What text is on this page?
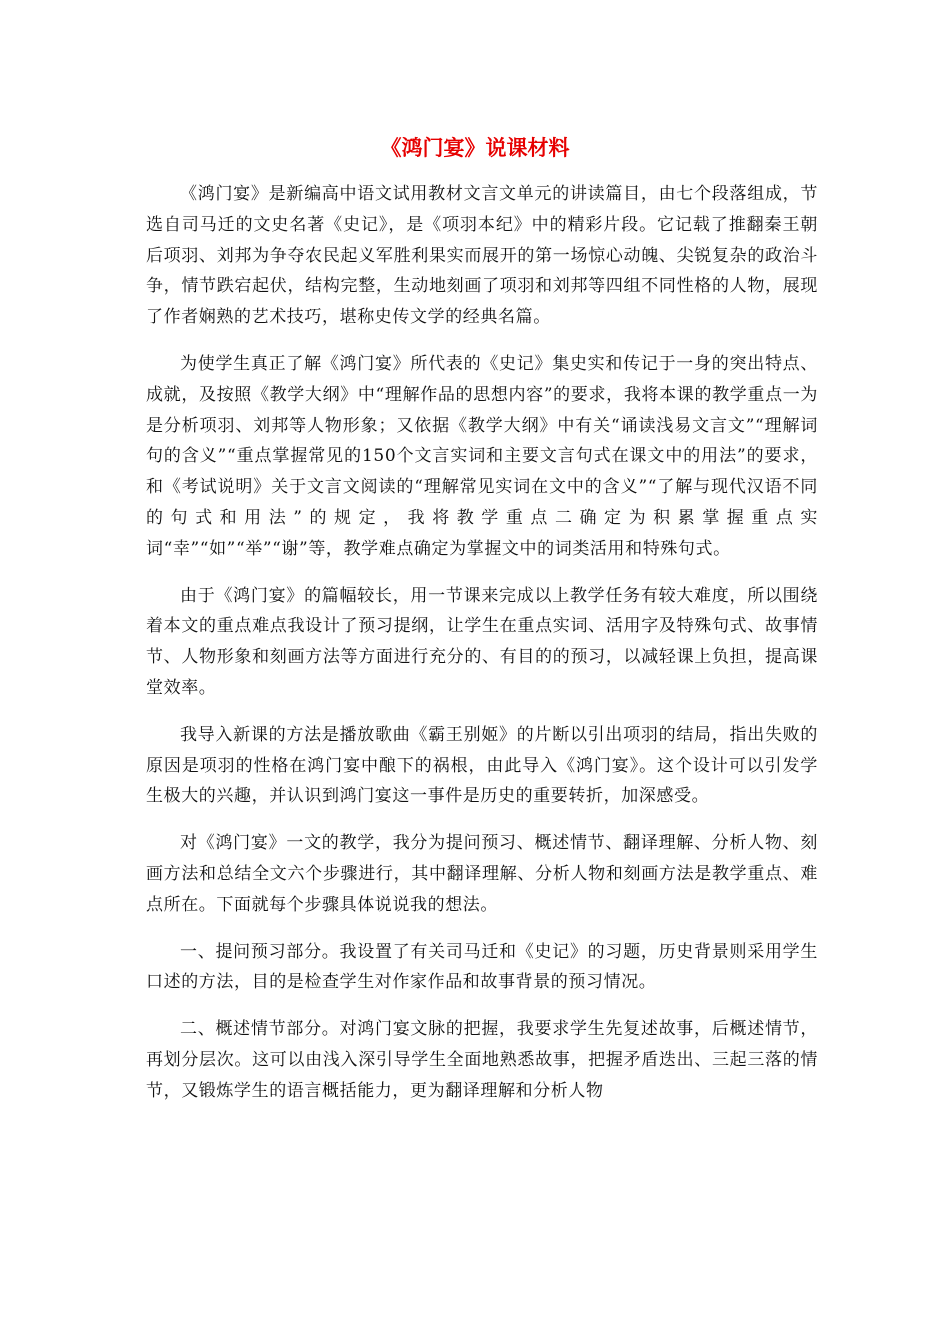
《鸿门宴》说课材料

《鸿门宴》是新编高中语文试用教材文言文单元的讲读篇目，由七个段落组成，节选自司马迁的文史名著《史记》，是《项羽本纪》中的精彩片段。它记载了推翻秦王朝后项羽、刘邦为争夺农民起义军胜利果实而展开的第一场惊心动魄、尖锐复杂的政治斗争，情节跌宕起伏，结构完整，生动地刻画了项羽和刘邦等四组不同性格的人物，展现了作者娴熟的艺术技巧，堪称史传文学的经典名篇。

为使学生真正了解《鸿门宴》所代表的《史记》集史实和传记于一身的突出特点、成就，及按照《教学大纲》中“理解作品的思想内容”的要求，我将本课的教学重点一为是分析项羽、刘邦等人物形象；又依据《教学大纲》中有关“诵读浅易文言文”“理解词句的含义”“重点掌握常见的150个文言实词和主要文言句式在课文中的用法”的要求，和《考试说明》关于文言文阅读的“理解常见实词在文中的含义”“了解与现代汉语不同的句式和用法”的规定，我将教学重点二确定为积累掌握重点实词“幸”“如”“举”“谢”等，教学难点确定为掌握文中的词类活用和特殊句式。

由于《鸿门宴》的篇幅较长，用一节课来完成以上教学任务有较大难度，所以围绕着本文的重点难点我设计了预习提纲，让学生在重点实词、活用字及特殊句式、故事情节、人物形象和刻画方法等方面进行充分的、有目的的预习，以减轻课上负担，提高课堂效率。

我导入新课的方法是播放歌曲《霸王别姬》的片断以引出项羽的结局，指出失败的原因是项羽的性格在鸿门宴中酿下的祸根，由此导入《鸿门宴》。这个设计可以引发学生极大的兴趣，并认识到鸿门宴这一事件是历史的重要转折，加深感受。

对《鸿门宴》一文的教学，我分为提问预习、概述情节、翻译理解、分析人物、刻画方法和总结全文六个步骤进行，其中翻译理解、分析人物和刻画方法是教学重点、难点所在。下面就每个步骤具体说说我的想法。

一、提问预习部分。我设置了有关司马迁和《史记》的习题，历史背景则采用学生口述的方法，目的是检查学生对作家作品和故事背景的预习情况。

二、概述情节部分。对鸿门宴文脉的把握，我要求学生先复述故事，后概述情节，再划分层次。这可以由浅入深引导学生全面地熟悉故事，把握矛盾迭出、三起三落的情节，又锻炼学生的语言概括能力，更为翻译理解和分析人物
